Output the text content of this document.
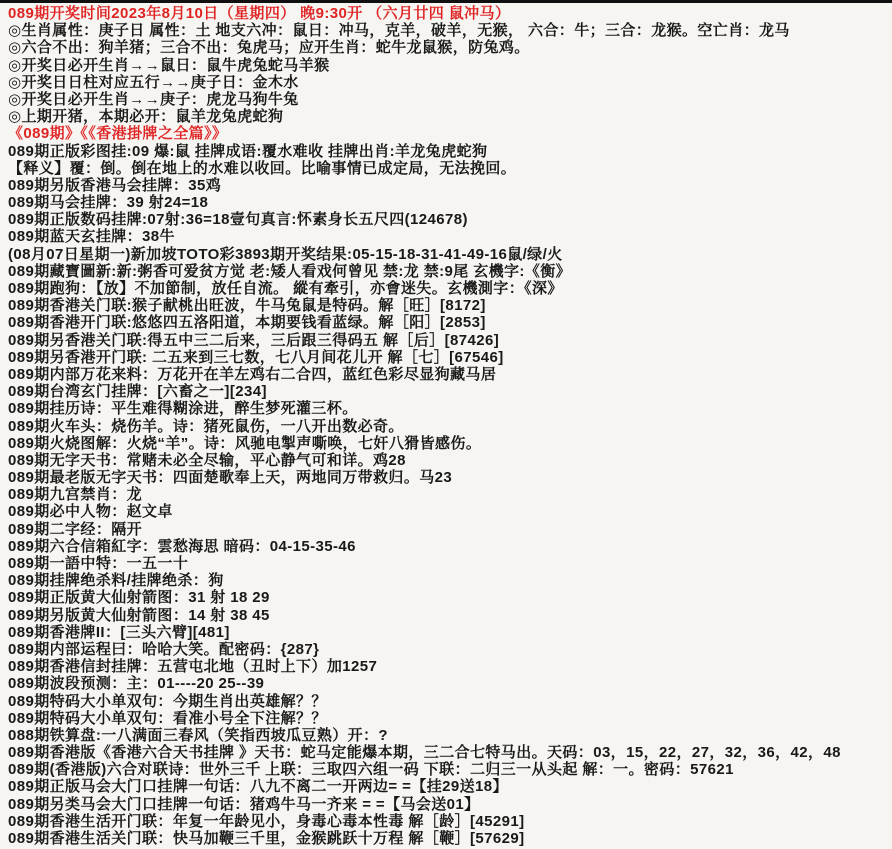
089期开奖时间2023年8月10日（星期四） 晚9:30开 （六月廿四 鼠冲马）
◎生肖属性：庚子日 属性：土 地支六冲：鼠日：冲马，克羊，破羊，无猴， 六合：牛；三合：龙猴。空亡肖：龙马
◎六合不出：狗羊猪；三合不出：兔虎马；应开生肖：蛇牛龙鼠猴，防兔鸡。
◎开奖日必开生肖→→鼠日：鼠牛虎兔蛇马羊猴
◎开奖日日柱对应五行→→庚子日：金木水
◎开奖日必开生肖→→庚子：虎龙马狗牛兔
◎上期开猪，本期必开：鼠羊龙兔虎蛇狗
《089期》《《香港掛牌之全篇》》
089期正版彩图挂:09 爆:鼠 挂牌成语:覆水难收 挂牌出肖:羊龙兔虎蛇狗
【释义】覆：倒。倒在地上的水难以收回。比喻事情已成定局，无法挽回。
089期另版香港马会挂牌：35鸡
089期马会挂牌：39 射24=18
089期正版数码挂牌:07射:36=18壹句真言:怀素身长五尺四(124678)
089期蓝天玄挂牌：38牛
(08月07日星期一)新加坡TOTO彩3893期开奖结果:05-15-18-31-41-49-16鼠/绿/火
089期藏寶圖新:新:粥香可爱贫方觉 老:矮人看戏何曾见 禁:龙 禁:9尾 玄機字:《衡》
089期跑狗：【放】不加節制，放任自流。 縱有牽引，亦會迷失。玄機測字：《深》
089期香港关门联:猴子献桃出旺波，牛马兔鼠是特码。解［旺］[8172]
089期香港开门联:悠悠四五洛阳道，本期要钱看蓝绿。解［阳］[2853]
089期另香港关门联:得五中三二后来，三后跟三得码五 解［后］[87426]
089期另香港开门联: 二五来到三七数，七八月间花儿开 解［七］[67546]
089期内部万花来料：万花开在羊左鸡右二合四，蓝红色彩尽显狗藏马居
089期台湾玄门挂牌：[六畜之一][234]
089期挂历诗：平生难得糊涂进，醉生梦死灌三杯。
089期火车头：烧伤羊。诗：猪死鼠伤，一八开出数必奇。
089期火烧图解：火烧“羊”。诗：风驰电掣声嘶唤，七奸八猾皆感伤。
089期无字天书：常赌未必全尽输，平心静气可和详。鸡28
089期最老版无字天书：四面楚歌奉上天，两地同万带救归。马23
089期九宫禁肖：龙
089期必中人物：赵文卓
089期二字经：隔开
089期六合信箱紅字：雲愁海思 暗码：04-15-35-46
089期一語中特：一五一十
089期挂牌绝杀料/挂牌绝杀：狗
089期正版黄大仙射箭图：31 射 18 29
089期另版黄大仙射箭图：14 射 38 45
089期香港牌II：[三头六臂][481]
089期内部运程曰：哈哈大笑。配密码：{287}
089期香港信封挂牌：五营屯北地（丑时上下）加1257
089期波段预测：主：01----20 25--39
089期特码大小单双句：今期生肖出英雄解？？
089期特码大小单双句：看准小号全下注解？？
088期铁算盘:一八满面三春风（笑指西坡瓜豆熟）开：?
089期香港版《香港六合天书挂牌 》天书：蛇马定能爆本期，三二合七特马出。天码：03，15，22，27，32，36，42，48
089期(香港版)六合对联诗：世外三千 上联：三取四六组一码 下联：二归三一从头起 解：一。密码：57621
089期正版马会大门口挂牌一句话：八九不离二一开两边= =【挂29送18】
089期另类马会大门口挂牌一句话：猪鸡牛马一齐来 = =【马会送01】
089期香港生活开门联：年复一年龄见小，身毒心毒本性毒 解［龄］[45291]
089期香港生活关门联：快马加鞭三千里，金猴跳跃十万程 解［鞭］[57629]
